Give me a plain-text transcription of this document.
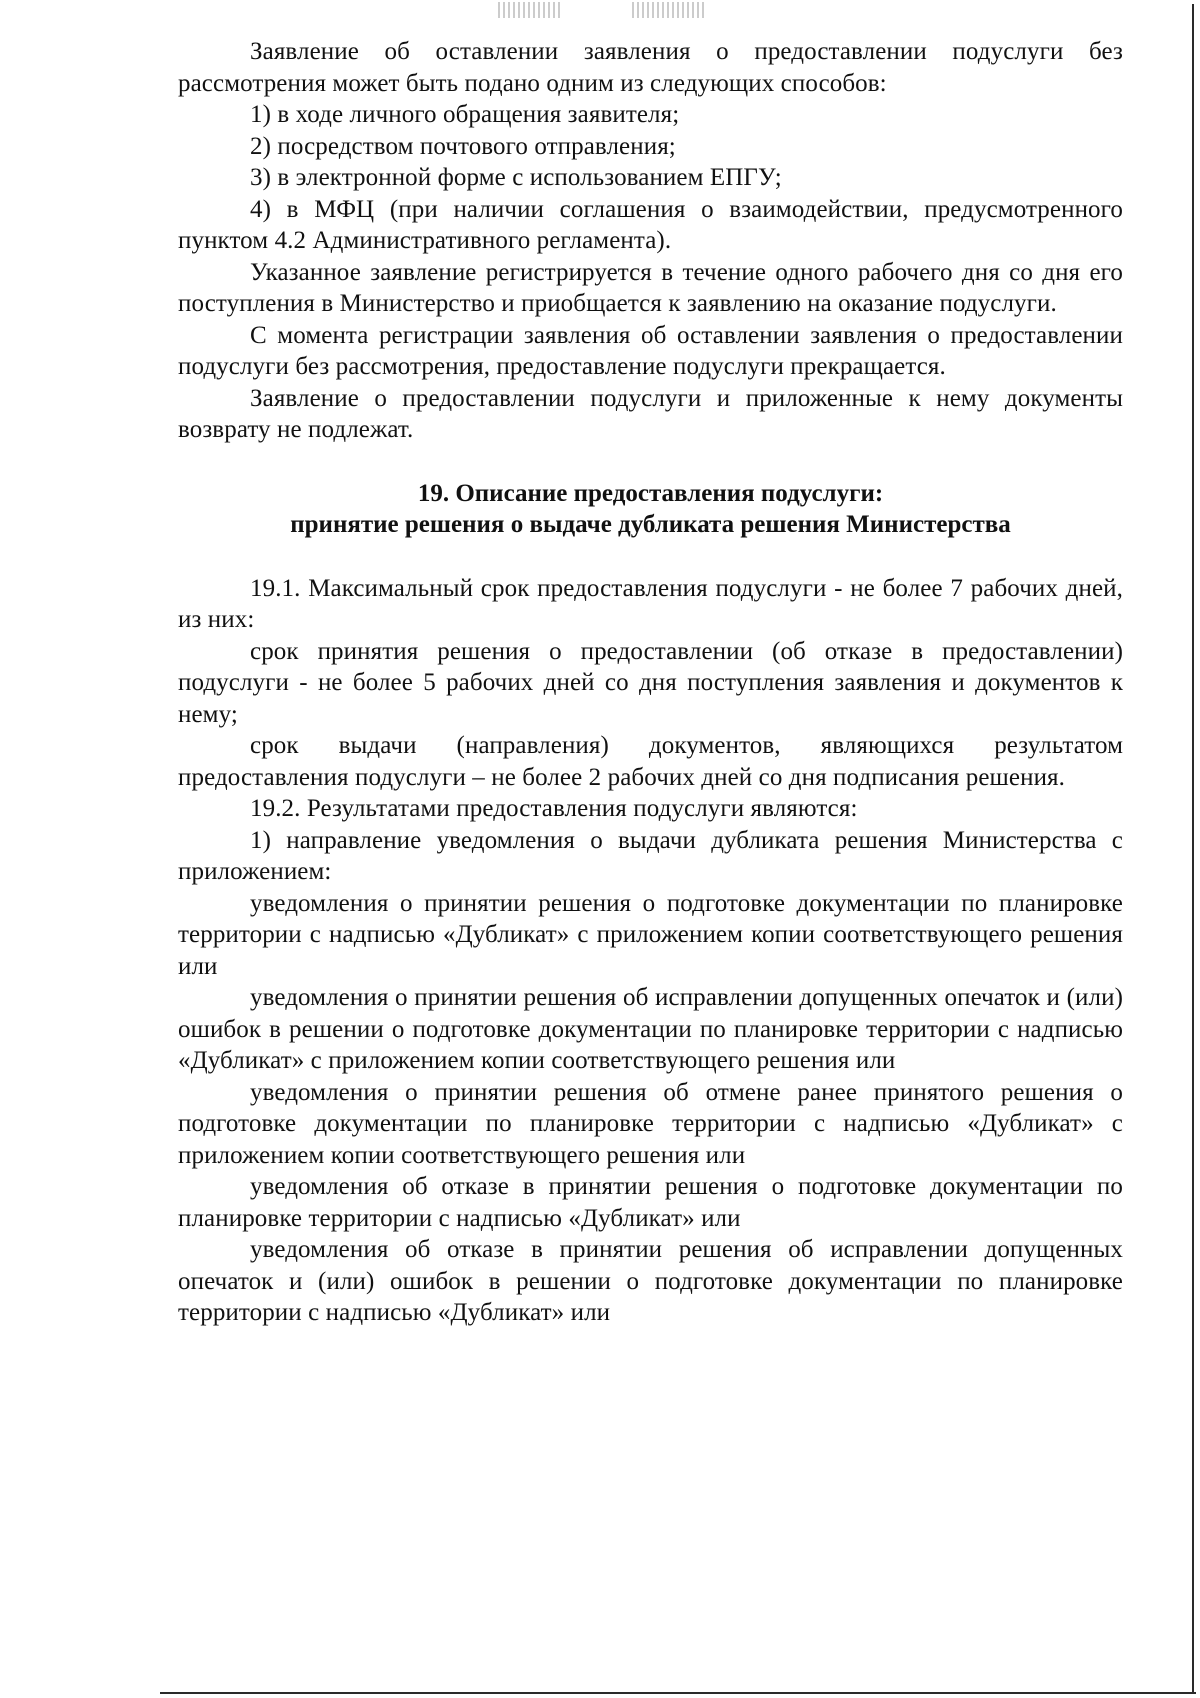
Заявление об оставлении заявления о предоставлении подуслуги без рассмотрения может быть подано одним из следующих способов:

1) в ходе личного обращения заявителя;

2) посредством почтового отправления;

3) в электронной форме с использованием ЕПГУ;

4) в МФЦ (при наличии соглашения о взаимодействии, предусмотренного пунктом 4.2 Административного регламента).

Указанное заявление регистрируется в течение одного рабочего дня со дня его поступления в Министерство и приобщается к заявлению на оказание подуслуги.

С момента регистрации заявления об оставлении заявления о предоставлении подуслуги без рассмотрения, предоставление подуслуги прекращается.

Заявление о предоставлении подуслуги и приложенные к нему документы возврату не подлежат.

19. Описание предоставления подуслуги:

принятие решения о выдаче дубликата решения Министерства

19.1. Максимальный срок предоставления подуслуги - не более 7 рабочих дней, из них:

срок принятия решения о предоставлении (об отказе в предоставлении) подуслуги - не более 5 рабочих дней со дня поступления заявления и документов к нему;

срок выдачи (направления) документов, являющихся результатом предоставления подуслуги – не более 2 рабочих дней со дня подписания решения.

19.2. Результатами предоставления подуслуги являются:

1) направление уведомления о выдачи дубликата решения Министерства с приложением:

уведомления о принятии решения о подготовке документации по планировке территории с надписью «Дубликат» с приложением копии соответствующего решения или

уведомления о принятии решения об исправлении допущенных опечаток и (или) ошибок в решении о подготовке документации по планировке территории с надписью «Дубликат» с приложением копии соответствующего решения или

уведомления о принятии решения об отмене ранее принятого решения о подготовке документации по планировке территории с надписью «Дубликат» с приложением копии соответствующего решения или

уведомления об отказе в принятии решения о подготовке документации по планировке территории с надписью «Дубликат» или

уведомления об отказе в принятии решения об исправлении допущенных опечаток и (или) ошибок в решении о подготовке документации по планировке территории с надписью «Дубликат» или
